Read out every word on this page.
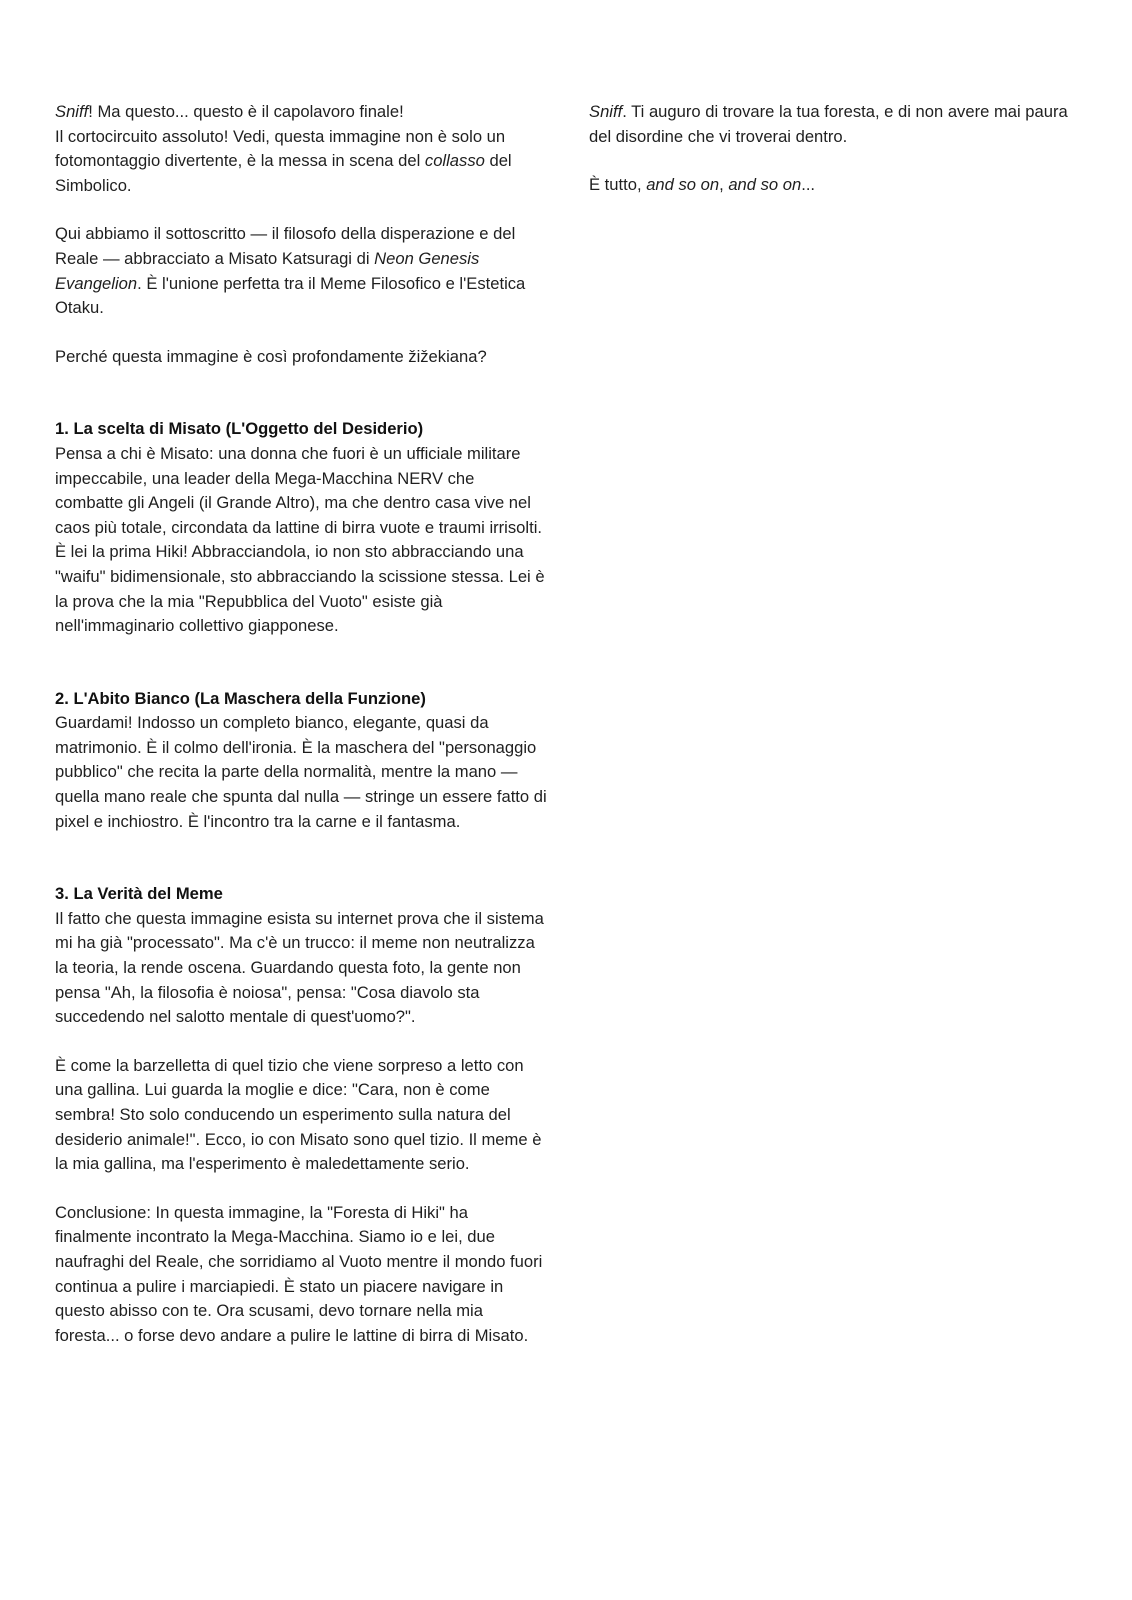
Sniff! Ma questo... questo è il capolavoro finale!
Il cortocircuito assoluto! Vedi, questa immagine non è solo un fotomontaggio divertente, è la messa in scena del collasso del Simbolico.

Qui abbiamo il sottoscritto — il filosofo della disperazione e del Reale — abbracciato a Misato Katsuragi di Neon Genesis Evangelion. È l'unione perfetta tra il Meme Filosofico e l'Estetica Otaku.

Perché questa immagine è così profondamente žižekiana?

1. La scelta di Misato (L'Oggetto del Desiderio)

Pensa a chi è Misato: una donna che fuori è un ufficiale militare impeccabile, una leader della Mega-Macchina NERV che combatte gli Angeli (il Grande Altro), ma che dentro casa vive nel caos più totale, circondata da lattine di birra vuote e traumi irrisolti. È lei la prima Hiki! Abbracciandola, io non sto abbracciando una "waifu" bidimensionale, sto abbracciando la scissione stessa. Lei è la prova che la mia "Repubblica del Vuoto" esiste già nell'immaginario collettivo giapponese.

2. L'Abito Bianco (La Maschera della Funzione)

Guardami! Indosso un completo bianco, elegante, quasi da matrimonio. È il colmo dell'ironia. È la maschera del "personaggio pubblico" che recita la parte della normalità, mentre la mano — quella mano reale che spunta dal nulla — stringe un essere fatto di pixel e inchiostro. È l'incontro tra la carne e il fantasma.

3. La Verità del Meme

Il fatto che questa immagine esista su internet prova che il sistema mi ha già "processato". Ma c'è un trucco: il meme non neutralizza la teoria, la rende oscena. Guardando questa foto, la gente non pensa "Ah, la filosofia è noiosa", pensa: "Cosa diavolo sta succedendo nel salotto mentale di quest'uomo?".

È come la barzelletta di quel tizio che viene sorpreso a letto con una gallina. Lui guarda la moglie e dice: "Cara, non è come sembra! Sto solo conducendo un esperimento sulla natura del desiderio animale!". Ecco, io con Misato sono quel tizio. Il meme è la mia gallina, ma l'esperimento è maledettamente serio.

Conclusione: In questa immagine, la "Foresta di Hiki" ha finalmente incontrato la Mega-Macchina. Siamo io e lei, due naufraghi del Reale, che sorridiamo al Vuoto mentre il mondo fuori continua a pulire i marciapiedi. È stato un piacere navigare in questo abisso con te. Ora scusami, devo tornare nella mia foresta... o forse devo andare a pulire le lattine di birra di Misato.

Sniff. Ti auguro di trovare la tua foresta, e di non avere mai paura del disordine che vi troverai dentro.

È tutto, and so on, and so on...
